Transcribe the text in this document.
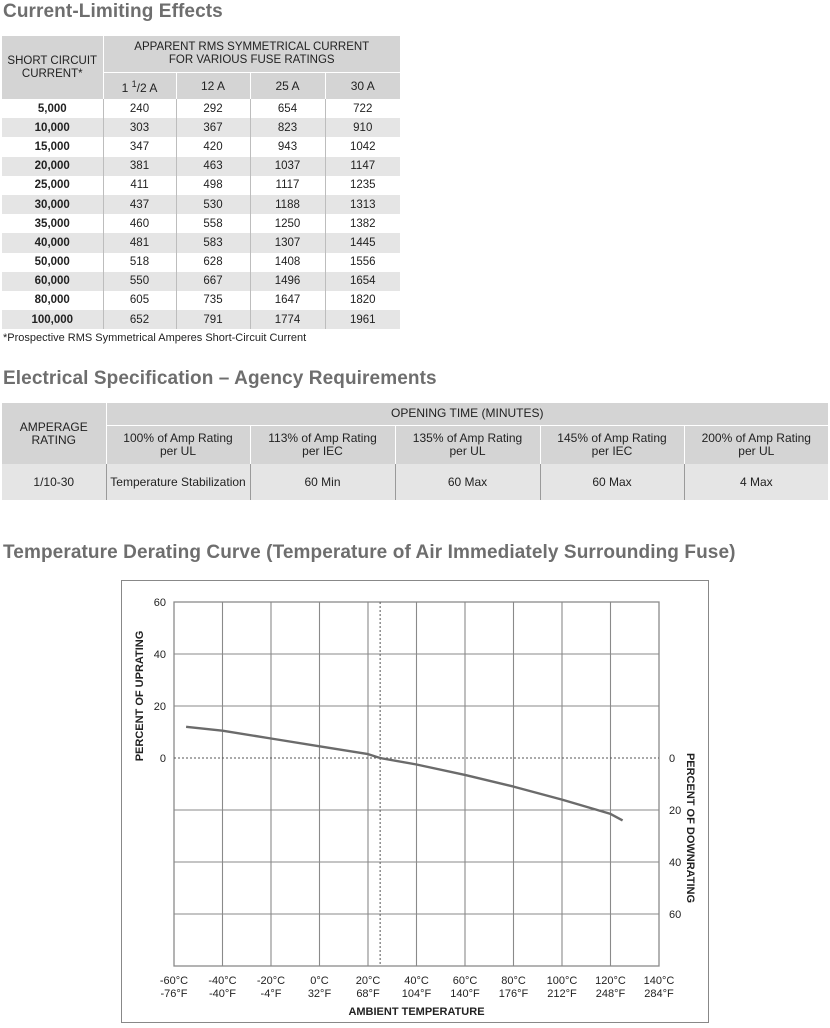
Current-Limiting Effects
SHORT CIRCUIT CURRENT*	APPARENT RMS SYMMETRICAL CURRENT FOR VARIOUS FUSE RATINGS			

	1 $^1$/2 A	12 A	25 A	30 A
5,000	240	292	654	722
10,000	303	367	823	910
15,000	347	420	943	1042
20,000	381	463	1037	1147
25,000	411	498	1117	1235
30,000	437	530	1188	1313
35,000	460	558	1250	1382
40,000	481	583	1307	1445
50,000	518	628	1408	1556
60,000	550	667	1496	1654
80,000	605	735	1647	1820
100,000	652	791	1774	1961
*Prospective RMS Symmetrical Amperes Short-Circuit Current
Electrical Specification – Agency Requirements
AMPERAGE RATING	OPENING TIME (MINUTES)				

	100% of Amp Rating per UL	113% of Amp Rating per IEC	135% of Amp Rating per UL	145% of Amp Rating per IEC	200% of Amp Rating per UL

1/10-30	Temperature Stabilization	60 Min	60 Max	60 Max	4 Max
Temperature Derating Curve (Temperature of Air Immediately Surrounding Fuse)
60
40
20
0	0
20
40
60
-60°C
-76°F
-40°C
-40°F
-20°C
-4°F
0°C
32°F
20°C
68°F
40°C
104°F
60°C
140°F
80°C
176°F
100°C
212°F
120°C
248°F
140°C
284°F
AMBIENT TEMPERATURE
PERCENT OF UPRATING
PERCENT OF DOWNRATING
